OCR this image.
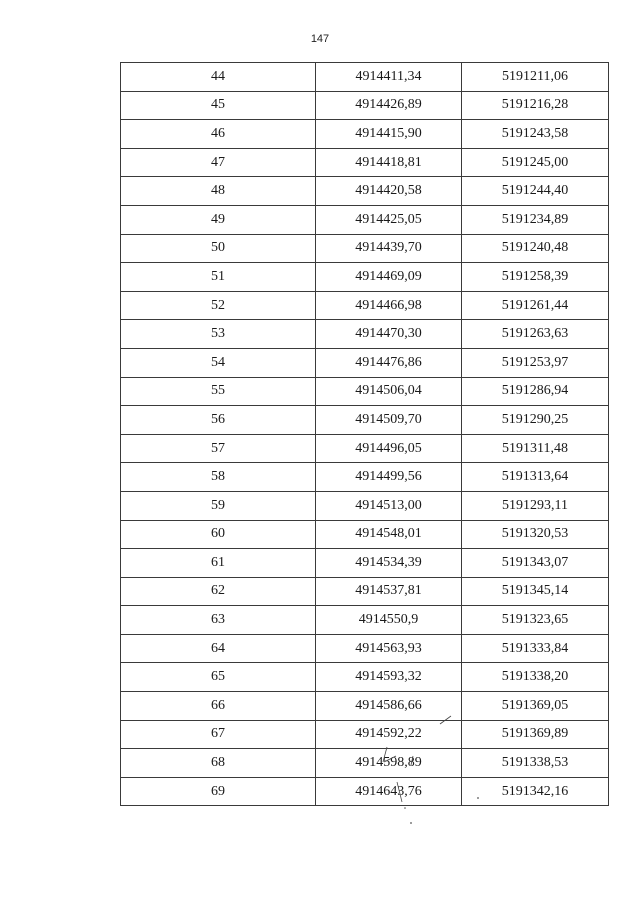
147
44	4914411,34	5191211,06
45	4914426,89	5191216,28
46	4914415,90	5191243,58
47	4914418,81	5191245,00
48	4914420,58	5191244,40
49	4914425,05	5191234,89
50	4914439,70	5191240,48
51	4914469,09	5191258,39
52	4914466,98	5191261,44
53	4914470,30	5191263,63
54	4914476,86	5191253,97
55	4914506,04	5191286,94
56	4914509,70	5191290,25
57	4914496,05	5191311,48
58	4914499,56	5191313,64
59	4914513,00	5191293,11
60	4914548,01	5191320,53
61	4914534,39	5191343,07
62	4914537,81	5191345,14
63	4914550,9	5191323,65
64	4914563,93	5191333,84
65	4914593,32	5191338,20
66	4914586,66	5191369,05
67	4914592,22	5191369,89
68	4914598,89	5191338,53
69	4914643,76	5191342,16
